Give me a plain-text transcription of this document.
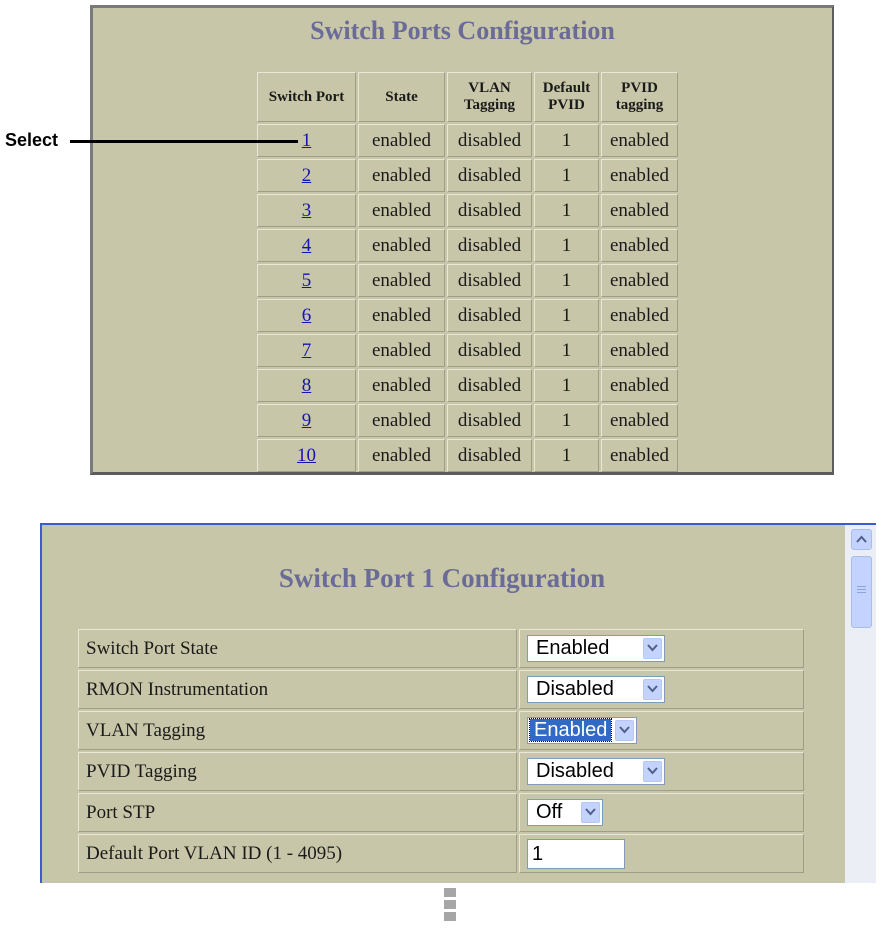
Switch Ports Configuration
Switch Port	State	VLAN Tagging	Default PVID	PVID tagging
1	enabled	disabled	1	enabled
2	enabled	disabled	1	enabled
3	enabled	disabled	1	enabled
4	enabled	disabled	1	enabled
5	enabled	disabled	1	enabled
6	enabled	disabled	1	enabled
7	enabled	disabled	1	enabled
8	enabled	disabled	1	enabled
9	enabled	disabled	1	enabled
10	enabled	disabled	1	enabled
Select
Switch Port 1 Configuration
Switch Port State	Enabled

RMON Instrumentation	Disabled

VLAN Tagging	Enabled

PVID Tagging	Disabled

Port STP	Off

Default Port VLAN ID (1 - 4095)	1
